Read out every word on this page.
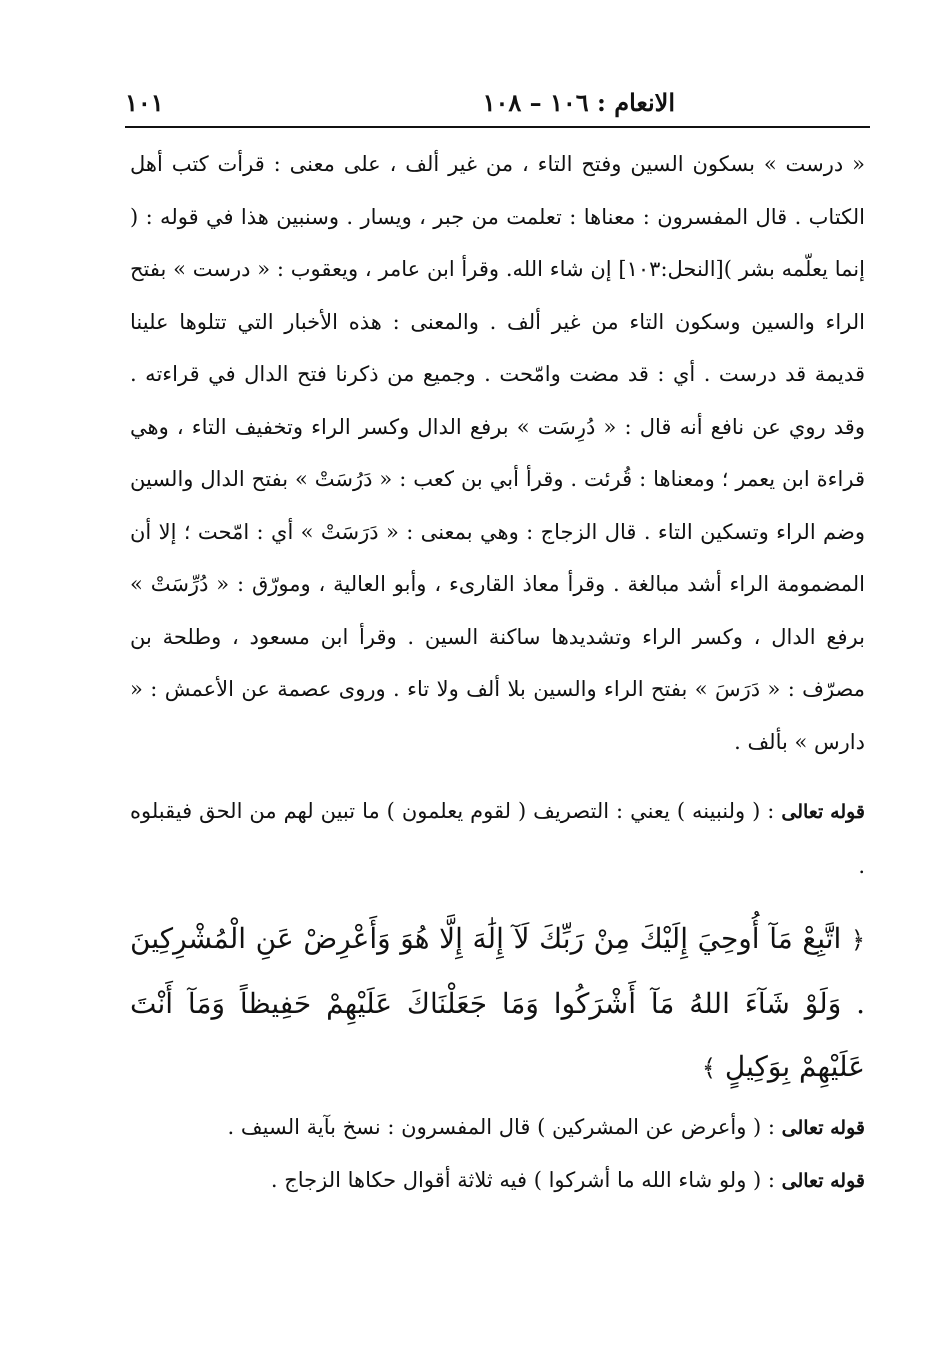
الانعام : ١٠٦ – ١٠٨
١٠١

« درست » بسكون السين وفتح التاء ، من غير ألف ، على معنى : قرأت كتب أهل الكتاب . قال المفسرون : معناها : تعلمت من جبر ، ويسار . وسنبين هذا في قوله : ( إنما يعلّمه بشر )[النحل:١٠٣] إن شاء الله. وقرأ ابن عامر ، ويعقوب : « درست » بفتح الراء والسين وسكون التاء من غير ألف . والمعنى : هذه الأخبار التي تتلوها علينا قديمة قد درست . أي : قد مضت وامّحت . وجميع من ذكرنا فتح الدال في قراءته . وقد روي عن نافع أنه قال : « دُرِسَت » برفع الدال وكسر الراء وتخفيف التاء ، وهي قراءة ابن يعمر ؛ ومعناها : قُرئت . وقرأ أبي بن كعب : « دَرُسَتْ » بفتح الدال والسين وضم الراء وتسكين التاء . قال الزجاج : وهي بمعنى : « دَرَسَتْ » أي : امّحت ؛ إلا أن المضمومة الراء أشد مبالغة . وقرأ معاذ القارىء ، وأبو العالية ، ومورّق : « دُرِّسَتْ » برفع الدال ، وكسر الراء وتشديدها ساكنة السين . وقرأ ابن مسعود ، وطلحة بن مصرّف : « دَرَسَ » بفتح الراء والسين بلا ألف ولا تاء . وروى عصمة عن الأعمش : « دارس » بألف .

قوله تعالى : ( ولنبينه ) يعني : التصريف ( لقوم يعلمون ) ما تبين لهم من الحق فيقبلوه .

﴿ اتَّبِعْ مَآ أُوحِيَ إِلَيْكَ مِنْ رَبِّكَ لَآ إِلَٰهَ إِلَّا هُوَ وَأَعْرِضْ عَنِ الْمُشْرِكِينَ . وَلَوْ شَآءَ اللهُ مَآ أَشْرَكُوا وَمَا جَعَلْنَاكَ عَلَيْهِمْ حَفِيظاً وَمَآ أَنْتَ عَلَيْهِمْ بِوَكِيلٍ ﴾

قوله تعالى : ( وأعرض عن المشركين ) قال المفسرون : نسخ بآية السيف .

قوله تعالى : ( ولو شاء الله ما أشركوا ) فيه ثلاثة أقوال حكاها الزجاج .
